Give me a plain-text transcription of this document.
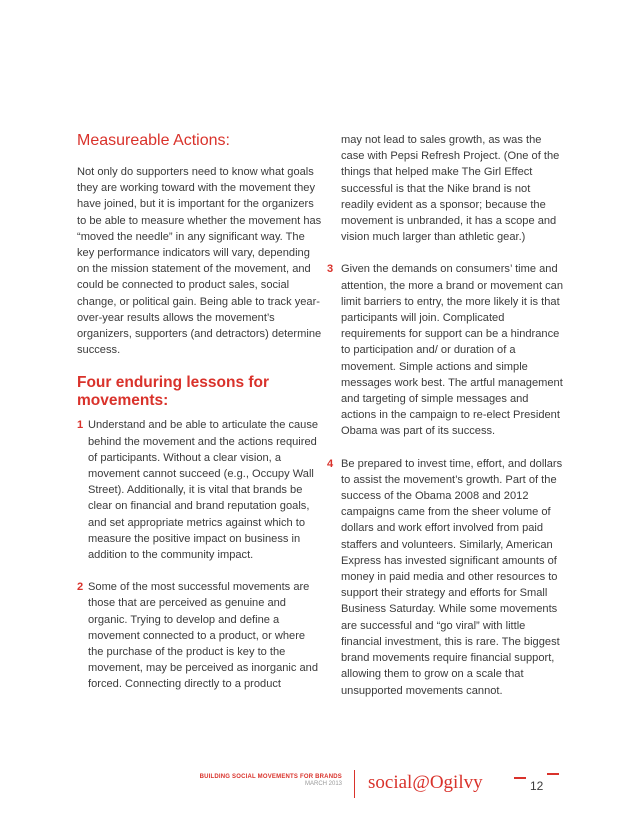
Measureable Actions:

Not only do supporters need to know what goals they are working toward with the movement they have joined, but it is important for the organizers to be able to measure whether the movement has “moved the needle” in any significant way. The key performance indicators will vary, depending on the mission statement of the movement, and could be connected to product sales, social change, or political gain. Being able to track year-over-year results allows the movement’s organizers, supporters (and detractors) determine success.

Four enduring lessons for movements:
1 Understand and be able to articulate the cause behind the movement and the actions required of participants. Without a clear vision, a movement cannot succeed (e.g., Occupy Wall Street). Additionally, it is vital that brands be clear on financial and brand reputation goals, and set appropriate metrics against which to measure the positive impact on business in addition to the community impact.

2 Some of the most successful movements are those that are perceived as genuine and organic. Trying to develop and define a movement connected to a product, or where the purchase of the product is key to the movement, may be perceived as inorganic and forced. Connecting directly to a product

may not lead to sales growth, as was the case with Pepsi Refresh Project. (One of the things that helped make The Girl Effect successful is that the Nike brand is not readily evident as a sponsor; because the movement is unbranded, it has a scope and vision much larger than athletic gear.)

3 Given the demands on consumers’ time and attention, the more a brand or movement can limit barriers to entry, the more likely it is that participants will join. Complicated requirements for support can be a hindrance to participation and/ or duration of a movement. Simple actions and simple messages work best. The artful management and targeting of simple messages and actions in the campaign to re-elect President Obama was part of its success.

4 Be prepared to invest time, effort, and dollars to assist the movement’s growth. Part of the success of the Obama 2008 and 2012 campaigns came from the sheer volume of dollars and work effort involved from paid staffers and volunteers. Similarly, American Express has invested significant amounts of money in paid media and other resources to support their strategy and efforts for Small Business Saturday. While some movements are successful and “go viral” with little financial investment, this is rare. The biggest brand movements require financial support, allowing them to grow on a scale that unsupported movements cannot.

BUILDING SOCIAL MOVEMENTS FOR BRANDS
MARCH 2013 social@Ogilvy	12
